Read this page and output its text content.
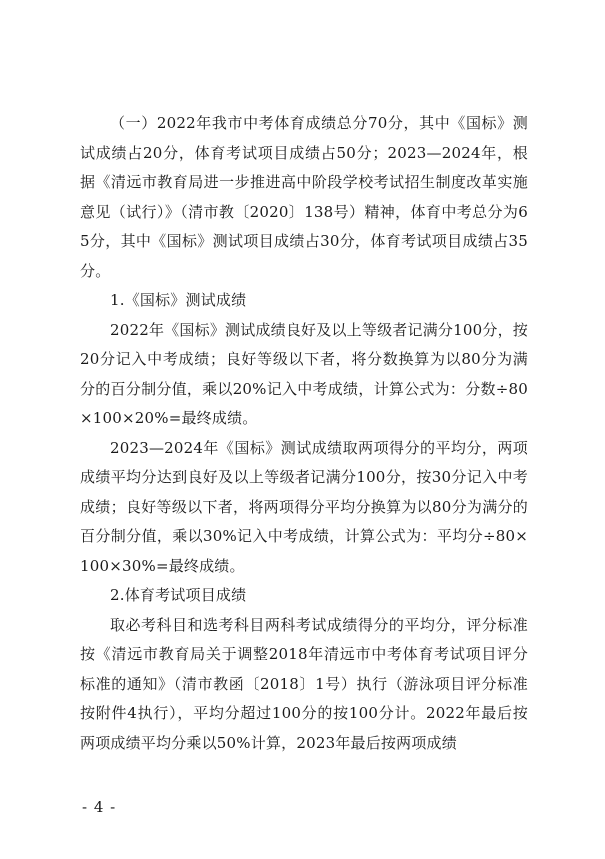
（一）2022年我市中考体育成绩总分70分，其中《国标》测试成绩占20分，体育考试项目成绩占50分；2023—2024年，根据《清远市教育局进一步推进高中阶段学校考试招生制度改革实施意见（试行）》（清市教〔2020〕138号）精神，体育中考总分为65分，其中《国标》测试项目成绩占30分，体育考试项目成绩占35分。

1.《国标》测试成绩

2022年《国标》测试成绩良好及以上等级者记满分100分，按20分记入中考成绩；良好等级以下者，将分数换算为以80分为满分的百分制分值，乘以20%记入中考成绩，计算公式为：分数÷80×100×20%=最终成绩。

2023—2024年《国标》测试成绩取两项得分的平均分，两项成绩平均分达到良好及以上等级者记满分100分，按30分记入中考成绩；良好等级以下者，将两项得分平均分换算为以80分为满分的百分制分值，乘以30%记入中考成绩，计算公式为：平均分÷80×100×30%=最终成绩。

2.体育考试项目成绩

取必考科目和选考科目两科考试成绩得分的平均分，评分标准按《清远市教育局关于调整2018年清远市中考体育考试项目评分标准的通知》（清市教函〔2018〕1号）执行（游泳项目评分标准按附件4执行），平均分超过100分的按100分计。2022年最后按两项成绩平均分乘以50%计算，2023年最后按两项成绩

- 4 -
